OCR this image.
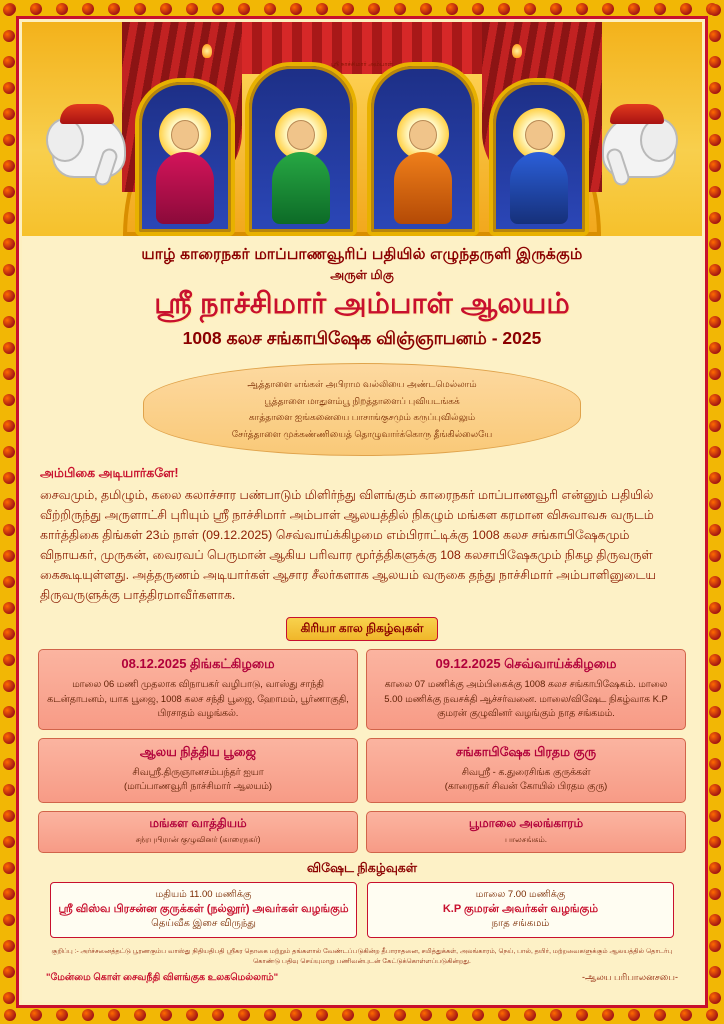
ஸ்ரீ நாச்சிமார் அம்பாள்
யாழ் காரைநகர் மாப்பாணவூரிப் பதியில் எழுந்தருளி இருக்கும்
அருள் மிகு
ஸ்ரீ நாச்சிமார் அம்பாள் ஆலயம்
1008 கலச சங்காபிஷேக விஞ்ஞாபனம் - 2025
ஆத்தாளை எங்கள் அபிராம வல்லியை அண்டமெல்லாம்
பூத்தாளை மாதுளம்பூ நிறத்தாளைப் புவியடங்கக்
காத்தாளை ஐங்கனையை பாசாங்குசமும் கருப்புவில்லும்
சேர்த்தாளை முக்கண்ணியைத் தொழுவார்க்கொரு தீங்கில்லையே
அம்பிகை அடியார்களே!
சைவமும், தமிழும், கலை கலாச்சார பண்பாடும் மிளிர்ந்து விளங்கும் காரைநகர் மாப்பாணவூரி என்னும் பதியில் வீற்றிருந்து அருளாட்சி புரியும் ஸ்ரீ நாச்சிமார் அம்பாள் ஆலயத்தில் நிகழும் மங்கள கரமான விசுவாவசு வருடம் கார்த்திகை திங்கள் 23ம் நாள் (09.12.2025) செவ்வாய்க்கிழமை எம்பிராட்டிக்கு 1008 கலச சங்காபிஷேகமும் விநாயகர், முருகன், வைரவப் பெருமான் ஆகிய பரிவார மூர்த்திகளுக்கு 108 கலசாபிஷேகமும் நிகழ திருவருள் கைகூடியுள்ளது. அத்தருணம் அடியார்கள் ஆசார சீலர்களாக ஆலயம் வருகை தந்து நாச்சிமார் அம்பாளினுடைய திருவருளுக்கு பாத்திரமாவீர்களாக.
கிரியா கால நிகழ்வுகள்
08.12.2025 திங்கட்கிழமை

மாலை 06 மணி முதலாக விநாயகர் வழிபாடு, வாஸ்து சாந்தி கடன்தாபனம், யாக பூஜை, 1008 கலச சந்தி பூஜை, ஹோமம், பூர்ணாகுதி, பிரசாதம் வழங்கல்.

09.12.2025 செவ்வாய்க்கிழமை

காலை 07 மணிக்கு அம்பிகைக்கு 1008 கலச சங்காபிஷேகம். மாலை 5.00 மணிக்கு நவசக்தி ஆச்சர்வனை. மாலை/விஷேட நிகழ்வாக K.P குமரன் குழுவினர் வழங்கும் நாத சங்கமம்.

ஆலய நித்திய பூஜை

சிவஸ்ரீ.திருஞானசம்பந்தர் ஐயா

(மாப்பாணவூரி நாச்சிமார் ஆலயம்)

சங்காபிஷேக பிரதம குரு

சிவஸ்ரீ - க.துரைசிங்க குருக்கள்

(காரைநகர் சிவன் கோயில் பிரதம குரு)

மங்கள வாத்தியம்

சந்ரபுபிரான் குழுவினர் (காரைநகர்)

பூமாலை அலங்காரம்

பாலசங்கம்.

விஷேட நிகழ்வுகள்
மதியம் 11.00 மணிக்கு
ஸ்ரீ விஸ்வ பிரசன்ன குருக்கள் (நல்லூர்) அவர்கள் வழங்கும்
தெய்வீக இசை விருந்து
மாலை 7.00 மணிக்கு
K.P குமரன் அவர்கள் வழங்கும்
நாத சங்கமம்
குறிப்பு :- அர்ச்சனைத்தட்டு பூரணகும்ப வாஸ்து நிதியதிபதி ஸ்ரீகர தொகை மற்றும் தங்களால் வேண்டப்படுகின்ற தீபாராதனை, சமித்துக்கள், அலங்காரம், நெய், பால், தயிர், மற்றவைகளுக்கும் ஆலயத்தில் தொடர்பு கொண்டு பதிவு செய்யுமாறு பணிவன்புடன் கேட்டுக்கொள்ளப்படுகின்றது.
"மேன்மை கொள் சைவநீதி விளங்குக உலகமெல்லாம்"	-ஆலய பரிபாலனசபை-
